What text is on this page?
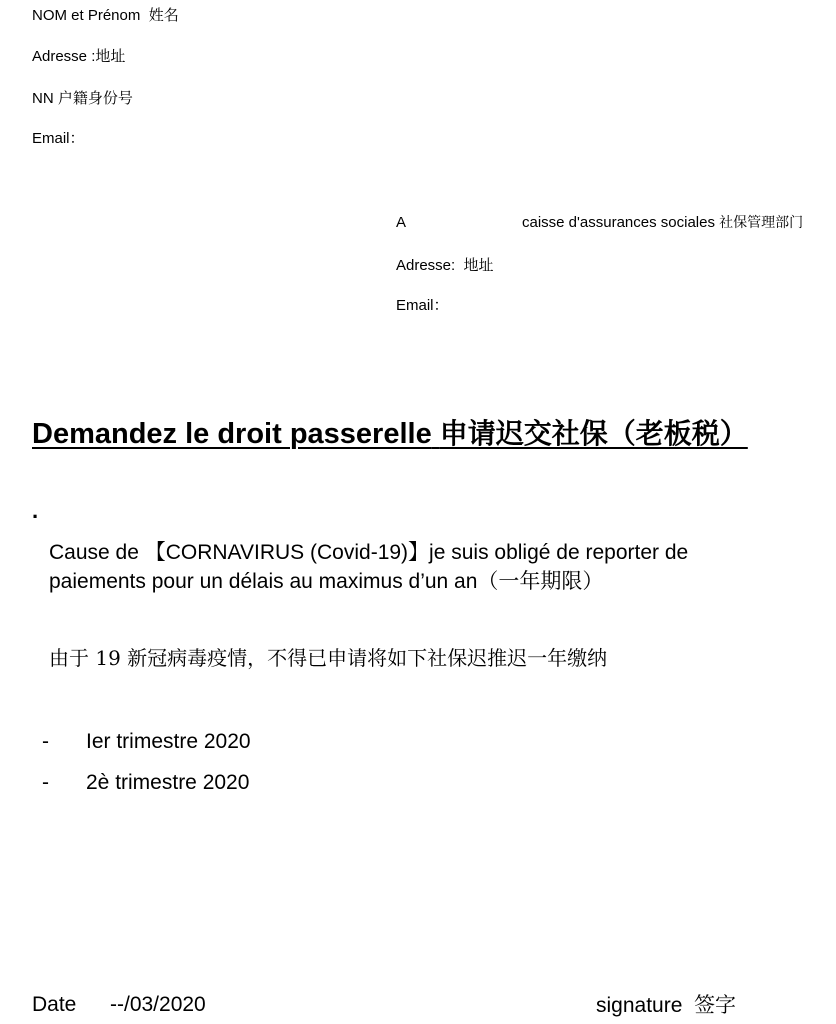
NOM et Prénom 姓名
Adresse :地址
NN 户籍身份号
Email：
A	caisse d'assurances sociales 社保管理部门
Adresse: 地址
Email：
Demandez le droit passerelle 申请迟交社保（老板税）
.
Cause de 【CORNAVIRUS (Covid-19)】je suis obligé de reporter de
paiements pour un délais au maximus d’un an（一年期限）
由于 19 新冠病毒疫情，不得已申请将如下社保迟推迟一年缴纳
- Ier trimestre 2020
- 2è trimestre 2020
Date --/03/2020	signature 签字
